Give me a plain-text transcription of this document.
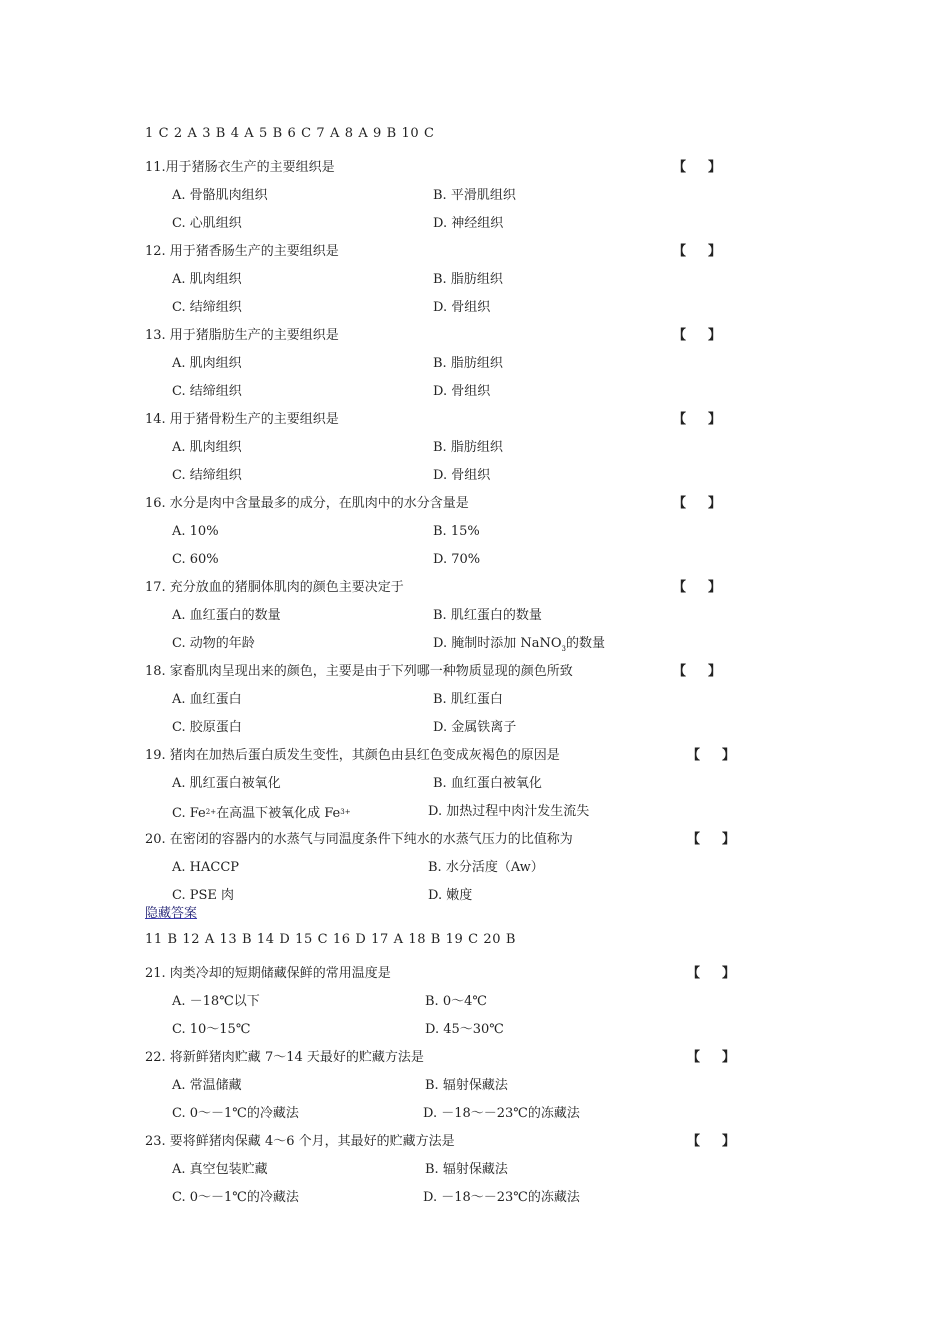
1 C 2 A 3 B 4 A 5 B 6 C 7 A 8 A 9 B 10 C
11.用于猪肠衣生产的主要组织是	【 】
A. 骨骼肌肉组织	B. 平滑肌组织
C. 心肌组织	D. 神经组织
12. 用于猪香肠生产的主要组织是	【 】
A. 肌肉组织	B. 脂肪组织
C. 结缔组织	D. 骨组织
13. 用于猪脂肪生产的主要组织是	【 】
A. 肌肉组织	B. 脂肪组织
C. 结缔组织	D. 骨组织
14. 用于猪骨粉生产的主要组织是	【 】
A. 肌肉组织	B. 脂肪组织
C. 结缔组织	D. 骨组织
16. 水分是肉中含量最多的成分，在肌肉中的水分含量是	【 】
A. 10%	B. 15%
C. 60%	D. 70%
17. 充分放血的猪胴体肌肉的颜色主要决定于	【 】
A. 血红蛋白的数量	B. 肌红蛋白的数量
C. 动物的年龄	D. 腌制时添加 NaNO$_3$的数量
18. 家畜肌肉呈现出来的颜色，主要是由于下列哪一种物质显现的颜色所致	【 】
A. 血红蛋白	B. 肌红蛋白
C. 胶原蛋白	D. 金属铁离子
19. 猪肉在加热后蛋白质发生变性，其颜色由县红色变成灰褐色的原因是	【 】
A. 肌红蛋白被氧化	B. 血红蛋白被氧化
C. $Fe^{2+}$在高温下被氧化成 $Fe^{3+}$	D. 加热过程中肉汁发生流失
20. 在密闭的容器内的水蒸气与同温度条件下纯水的水蒸气压力的比值称为	【 】
A. HACCP	B. 水分活度（Aw）
C. PSE 肉	D. 嫩度
隐藏答案
11 B 12 A 13 B 14 D 15 C 16 D 17 A 18 B 19 C 20 B
21. 肉类冷却的短期储藏保鲜的常用温度是	【 】
A. －18℃以下	B. 0～4℃
C. 10～15℃	D. 45～30℃
22. 将新鲜猪肉贮藏 7～14 天最好的贮藏方法是	【 】
A. 常温储藏	B. 辐射保藏法
C. 0～－1℃的冷藏法	D. －18～－23℃的冻藏法
23. 要将鲜猪肉保藏 4～6 个月，其最好的贮藏方法是	【 】
A. 真空包装贮藏	B. 辐射保藏法
C. 0～－1℃的冷藏法	D. －18～－23℃的冻藏法
